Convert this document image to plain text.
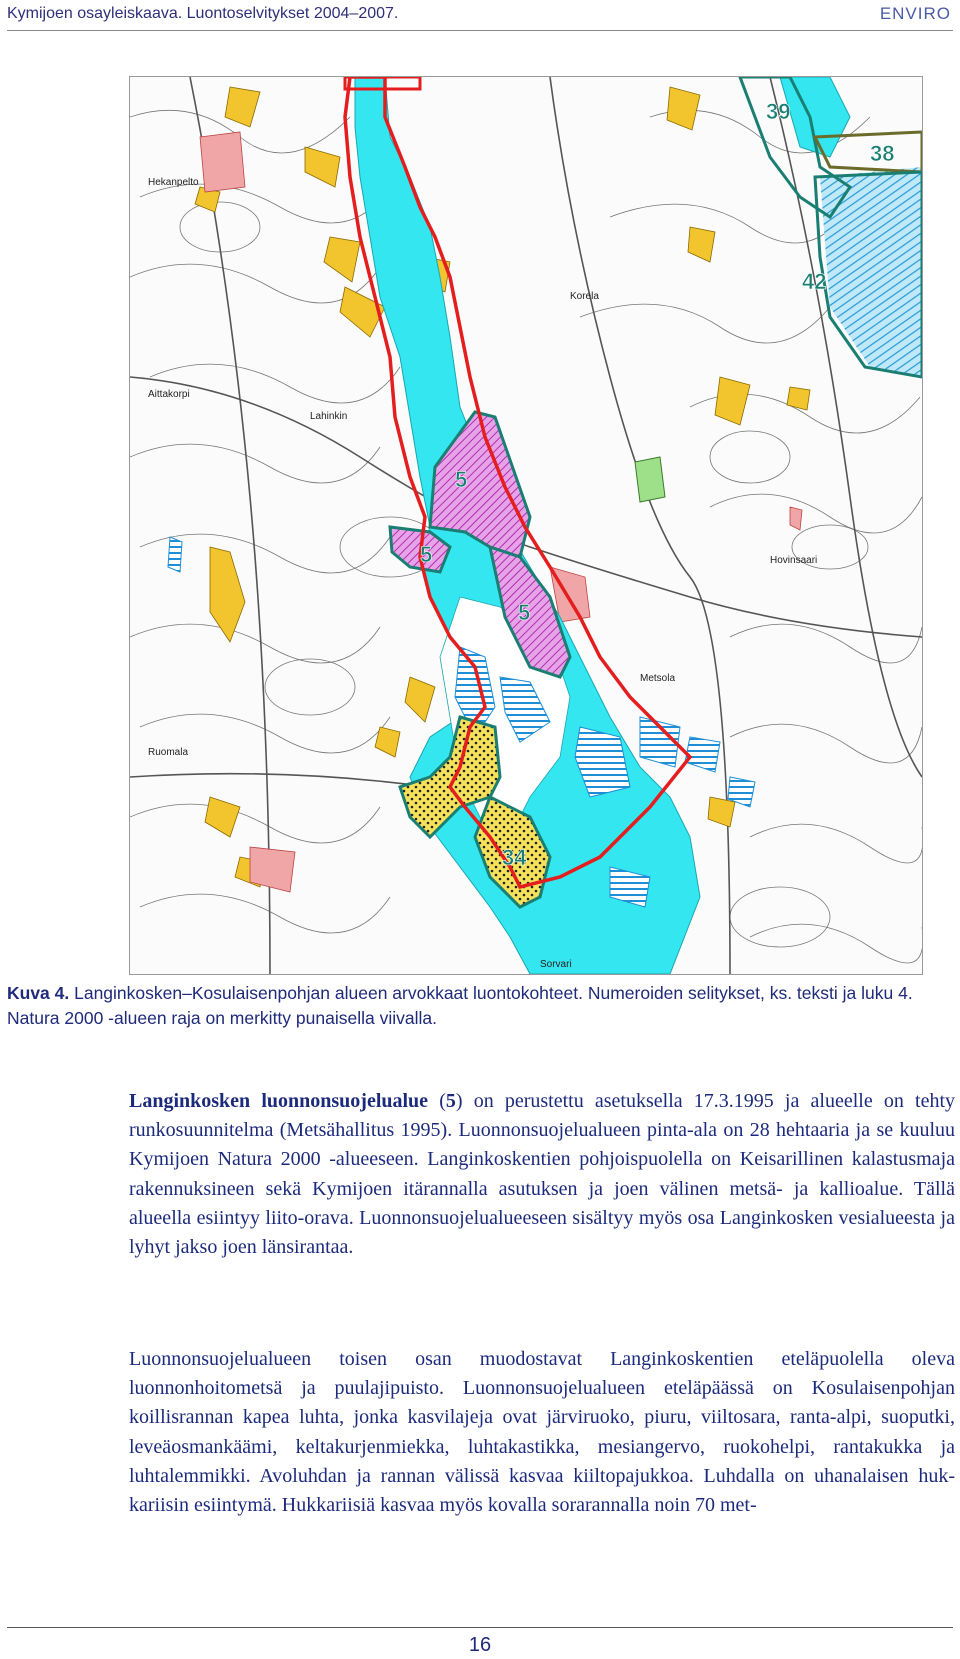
Kymijoen osayleiskaava. Luontoselvitykset 2004–2007.	ENVIRO
39
38
42
5
5
5
34
Hekanpelto
Korela
Aittakorpi
Lahinkin
Hovinsaari
Ruomala
Metsola
Sorvari
Kuva 4. Langinkosken–Kosulaisenpohjan alueen arvokkaat luontokohteet. Numeroiden selitykset, ks. teksti ja luku 4. Natura 2000 -alueen raja on merkitty punaisella viivalla.
Langinkosken luonnonsuojelualue (5) on perustettu asetuksella 17.3.1995 ja alueelle on tehty runkosuunnitelma (Metsähallitus 1995). Luonnonsuojelualueen pinta-ala on 28 hehtaaria ja se kuuluu Kymijoen Natura 2000 -alueeseen. Langinkoskentien pohjoispuolella on Keisarillinen kalastusmaja rakennuksineen sekä Kymijoen itärannalla asutuksen ja joen välinen metsä- ja kallioalue. Tällä alueella esiintyy liito-orava. Luonnonsuojelualueeseen sisältyy myös osa Langinkosken vesialueesta ja lyhyt jakso joen länsirantaa.
Luonnonsuojelualueen toisen osan muodostavat Langinkoskentien eteläpuolella oleva luonnonhoitometsä ja puulajipuisto. Luonnonsuojelualueen eteläpäässä on Kosulaisenpohjan koillisrannan kapea luhta, jonka kasvilajeja ovat järviruoko, piuru, viiltosara, ranta-alpi, suoputki, leveäosmankäämi, keltakurjenmiekka, luhtakastikka, mesiangervo, ruokohelpi, rantakukka ja luhtalemmikki. Avoluhdan ja rannan välissä kasvaa kiiltopajukkoa. Luhdalla on uhanalaisen hukkariisin esiintymä. Hukkariisiä kasvaa myös kovalla sorarannalla noin 70 met-
16
